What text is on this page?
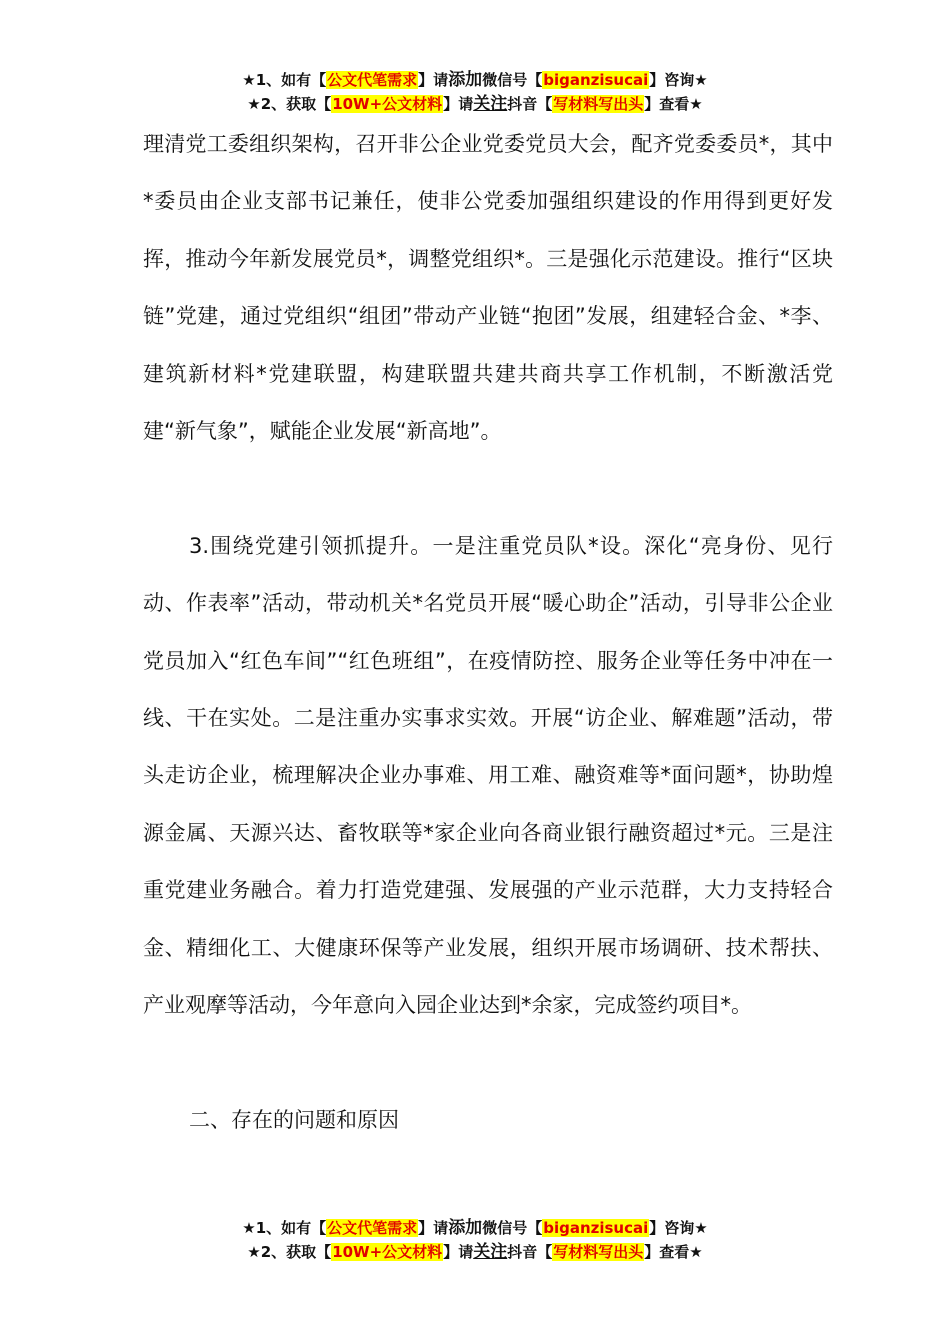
★1、如有【公文代笔需求】请添加微信号【biganzisucai】咨询★
★2、获取【10W+公文材料】请关注抖音【写材料写出头】查看★

理清党工委组织架构，召开非公企业党委党员大会，配齐党委委员*，其中*委员由企业支部书记兼任，使非公党委加强组织建设的作用得到更好发挥，推动今年新发展党员*，调整党组织*。三是强化示范建设。推行“区块链”党建，通过党组织“组团”带动产业链“抱团”发展，组建轻合金、*李、建筑新材料*党建联盟，构建联盟共建共商共享工作机制，不断激活党建“新气象”，赋能企业发展“新高地”。

3.围绕党建引领抓提升。一是注重党员队*设。深化“亮身份、见行动、作表率”活动，带动机关*名党员开展“暖心助企”活动，引导非公企业党员加入“红色车间”“红色班组”，在疫情防控、服务企业等任务中冲在一线、干在实处。二是注重办实事求实效。开展“访企业、解难题”活动，带头走访企业，梳理解决企业办事难、用工难、融资难等*面问题*，协助煌源金属、天源兴达、畜牧联等*家企业向各商业银行融资超过*元。三是注重党建业务融合。着力打造党建强、发展强的产业示范群，大力支持轻合金、精细化工、大健康环保等产业发展，组织开展市场调研、技术帮扶、产业观摩等活动，今年意向入园企业达到*余家，完成签约项目*。

二、存在的问题和原因

★1、如有【公文代笔需求】请添加微信号【biganzisucai】咨询★
★2、获取【10W+公文材料】请关注抖音【写材料写出头】查看★
